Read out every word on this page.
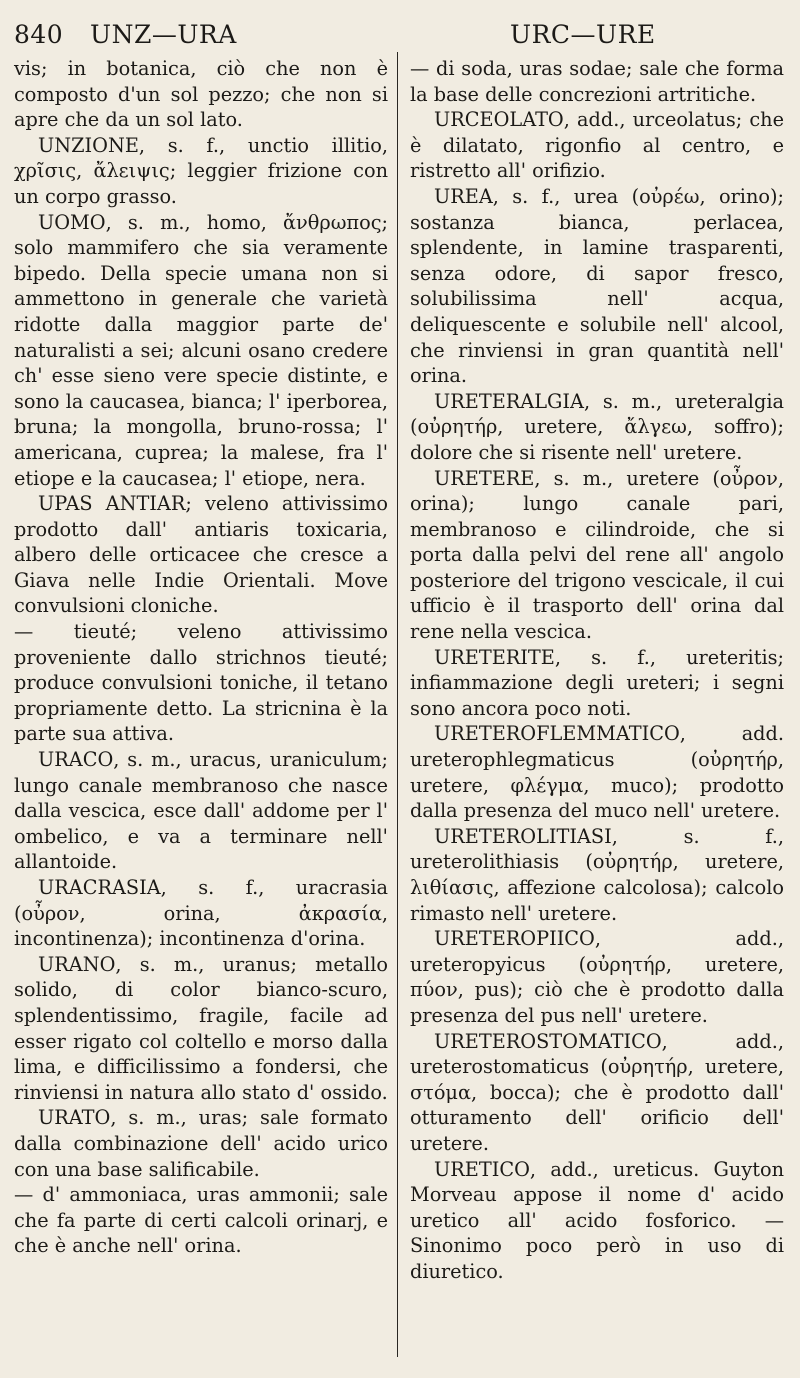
840 UNZ—URA	URC—URE

vis; in botanica, ciò che non è composto d'un sol pezzo; che non si apre che da un sol lato.

UNZIONE, s. f., unctio illitio, χρῖσις, ἄλειψις; leggier frizione con un corpo grasso.

UOMO, s. m., homo, ἄνθρωπος; solo mammifero che sia veramente bipedo. Della specie umana non si ammettono in generale che varietà ridotte dalla maggior parte de' naturalisti a sei; alcuni osano credere ch' esse sieno vere specie distinte, e sono la caucasea, bianca; l' iperborea, bruna; la mongolla, bruno-rossa; l' americana, cuprea; la malese, fra l' etiope e la caucasea; l' etiope, nera.

UPAS ANTIAR; veleno attivissimo prodotto dall' antiaris toxicaria, albero delle orticacee che cresce a Giava nelle Indie Orientali. Move convulsioni cloniche.

— tieuté; veleno attivissimo proveniente dallo strichnos tieuté; produce convulsioni toniche, il tetano propriamente detto. La stricnina è la parte sua attiva.

URACO, s. m., uracus, uraniculum; lungo canale membranoso che nasce dalla vescica, esce dall' addome per l' ombelico, e va a terminare nell' allantoide.

URACRASIA, s. f., uracrasia (οὖρον, orina, ἀκρασία, incontinenza); incontinenza d'orina.

URANO, s. m., uranus; metallo solido, di color bianco-scuro, splendentissimo, fragile, facile ad esser rigato col coltello e morso dalla lima, e difficilissimo a fondersi, che rinviensi in natura allo stato d' ossido.

URATO, s. m., uras; sale formato dalla combinazione dell' acido urico con una base salificabile.

— d' ammoniaca, uras ammonii; sale che fa parte di certi calcoli orinarj, e che è anche nell' orina.

— di soda, uras sodae; sale che forma la base delle concrezioni artritiche.

URCEOLATO, add., urceolatus; che è dilatato, rigonfio al centro, e ristretto all' orifizio.

UREA, s. f., urea (οὐρέω, orino); sostanza bianca, perlacea, splendente, in lamine trasparenti, senza odore, di sapor fresco, solubilissima nell' acqua, deliquescente e solubile nell' alcool, che rinviensi in gran quantità nell' orina.

URETERALGIA, s. m., ureteralgia (οὐρητήρ, uretere, ἄλγεω, soffro); dolore che si risente nell' uretere.

URETERE, s. m., uretere (οὖρον, orina); lungo canale pari, membranoso e cilindroide, che si porta dalla pelvi del rene all' angolo posteriore del trigono vescicale, il cui ufficio è il trasporto dell' orina dal rene nella vescica.

URETERITE, s. f., ureteritis; infiammazione degli ureteri; i segni sono ancora poco noti.

URETEROFLEMMATICO, add. ureterophlegmaticus (οὐρητήρ, uretere, φλέγμα, muco); prodotto dalla presenza del muco nell' uretere.

URETEROLITIASI, s. f., ureterolithiasis (οὐρητήρ, uretere, λιθίασις, affezione calcolosa); calcolo rimasto nell' uretere.

URETEROPIICO, add., ureteropyicus (οὐρητήρ, uretere, πύον, pus); ciò che è prodotto dalla presenza del pus nell' uretere.

URETEROSTOMATICO, add., ureterostomaticus (οὐρητήρ, uretere, στόμα, bocca); che è prodotto dall' otturamento dell' orificio dell' uretere.

URETICO, add., ureticus. Guyton Morveau appose il nome d' acido uretico all' acido fosforico. — Sinonimo poco però in uso di diuretico.
